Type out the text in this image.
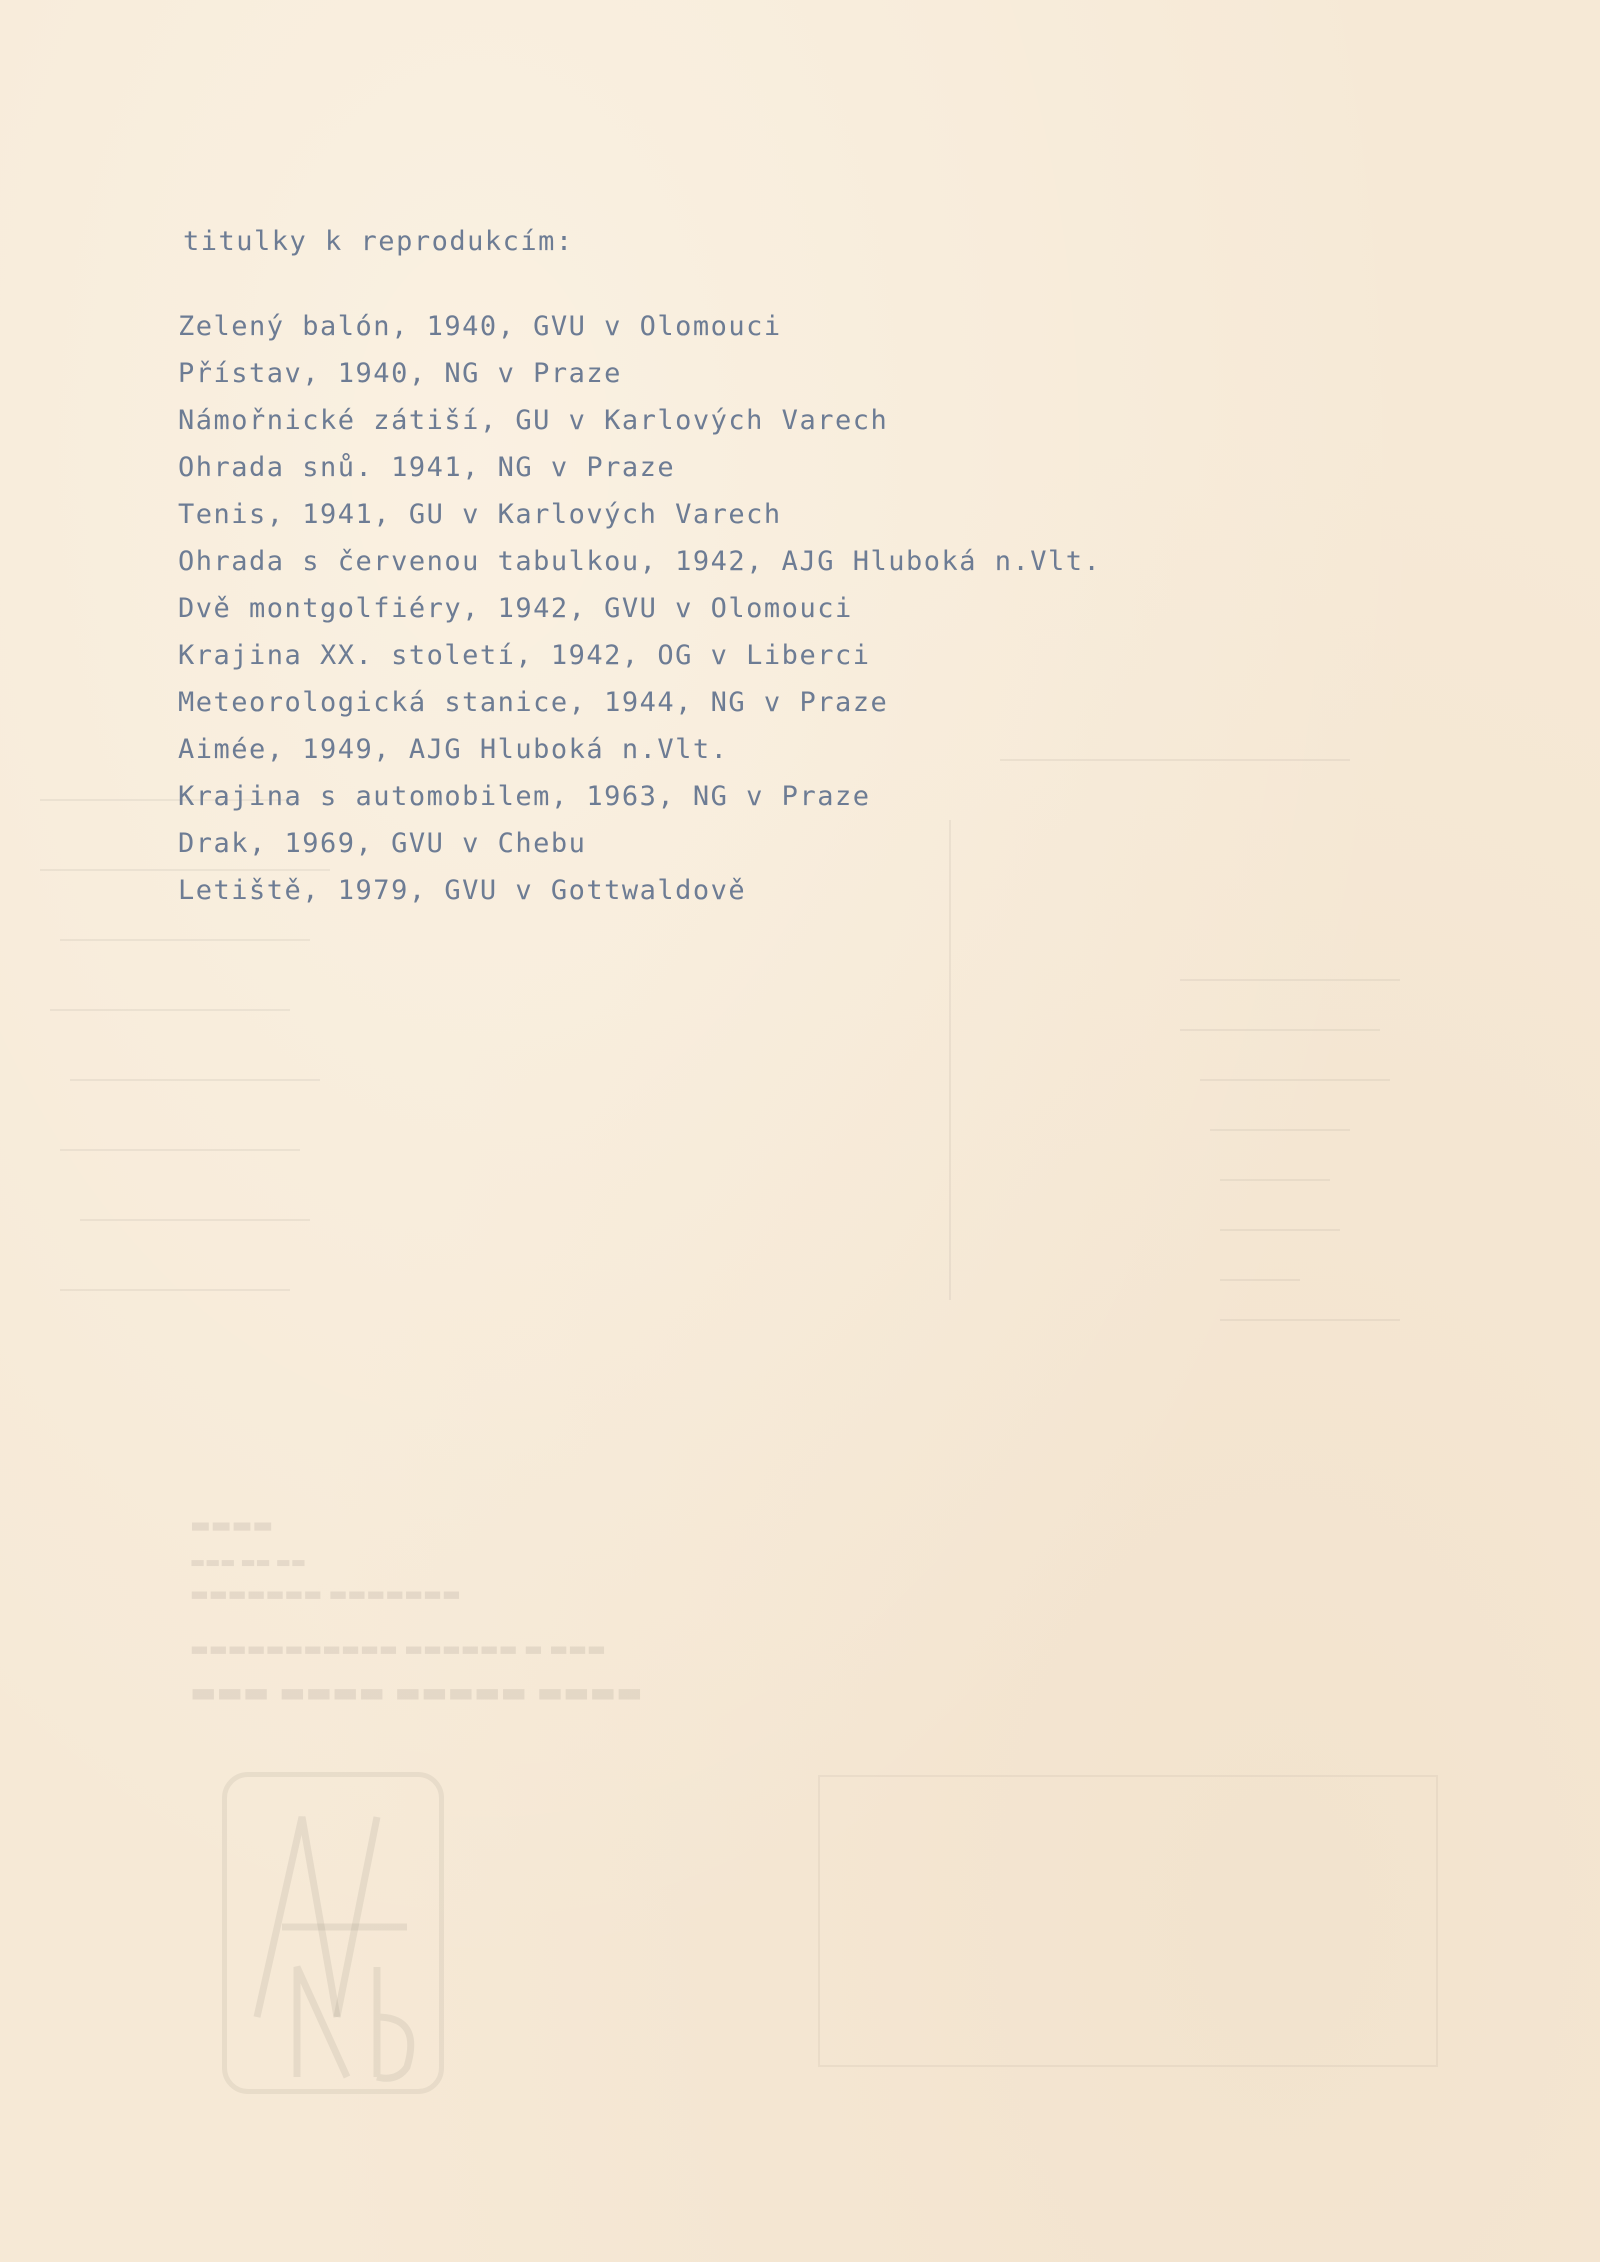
▬▬▬▬
▬▬▬ ▬▬ ▬▬
▬▬▬▬▬▬▬ ▬▬▬▬▬▬▬
▬▬▬▬▬▬▬▬▬▬▬ ▬▬▬▬▬▬ ▬ ▬▬▬
▬▬▬ ▬▬▬▬ ▬▬▬▬▬ ▬▬▬▬
titulky k reprodukcím:
Zelený balón, 1940, GVU v Olomouci
Přístav, 1940, NG v Praze
Námořnické zátiší, GU v Karlových Varech
Ohrada snů. 1941, NG v Praze
Tenis, 1941, GU v Karlových Varech
Ohrada s červenou tabulkou, 1942, AJG Hluboká n.Vlt.
Dvě montgolfiéry, 1942, GVU v Olomouci
Krajina XX. století, 1942, OG v Liberci
Meteorologická stanice, 1944, NG v Praze
Aimée, 1949, AJG Hluboká n.Vlt.
Krajina s automobilem, 1963, NG v Praze
Drak, 1969, GVU v Chebu
Letiště, 1979, GVU v Gottwaldově
